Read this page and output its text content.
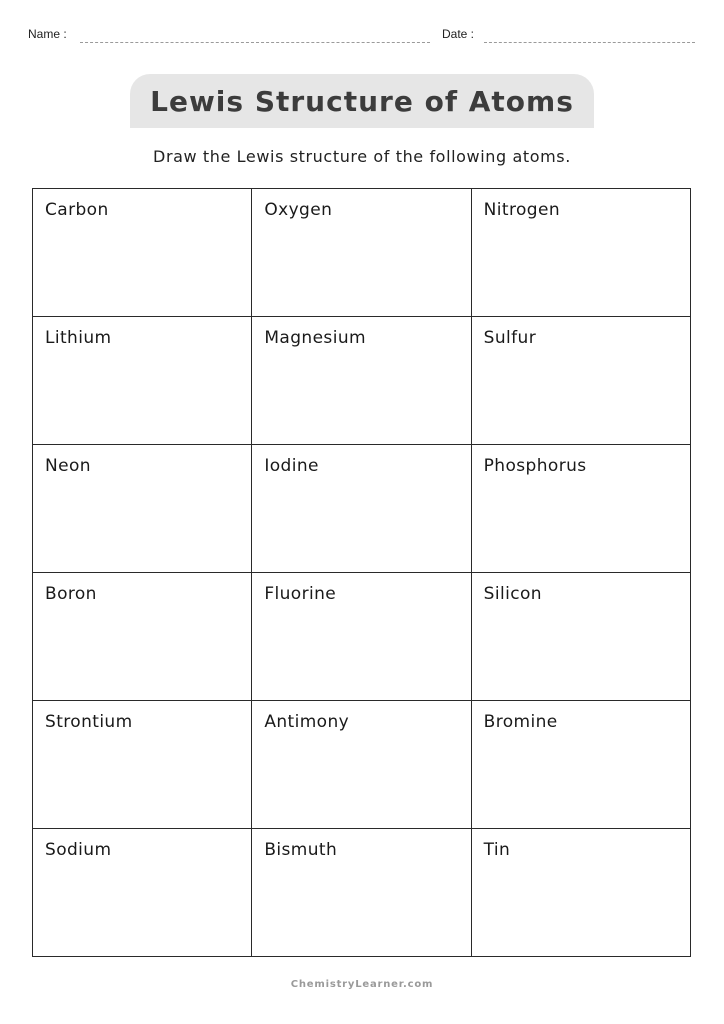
Name :	Date :
Lewis Structure of Atoms
Draw the Lewis structure of the following atoms.
Carbon	Oxygen	Nitrogen

Lithium	Magnesium	Sulfur

Neon	Iodine	Phosphorus

Boron	Fluorine	Silicon

Strontium	Antimony	Bromine

Sodium	Bismuth	Tin
ChemistryLearner.com
